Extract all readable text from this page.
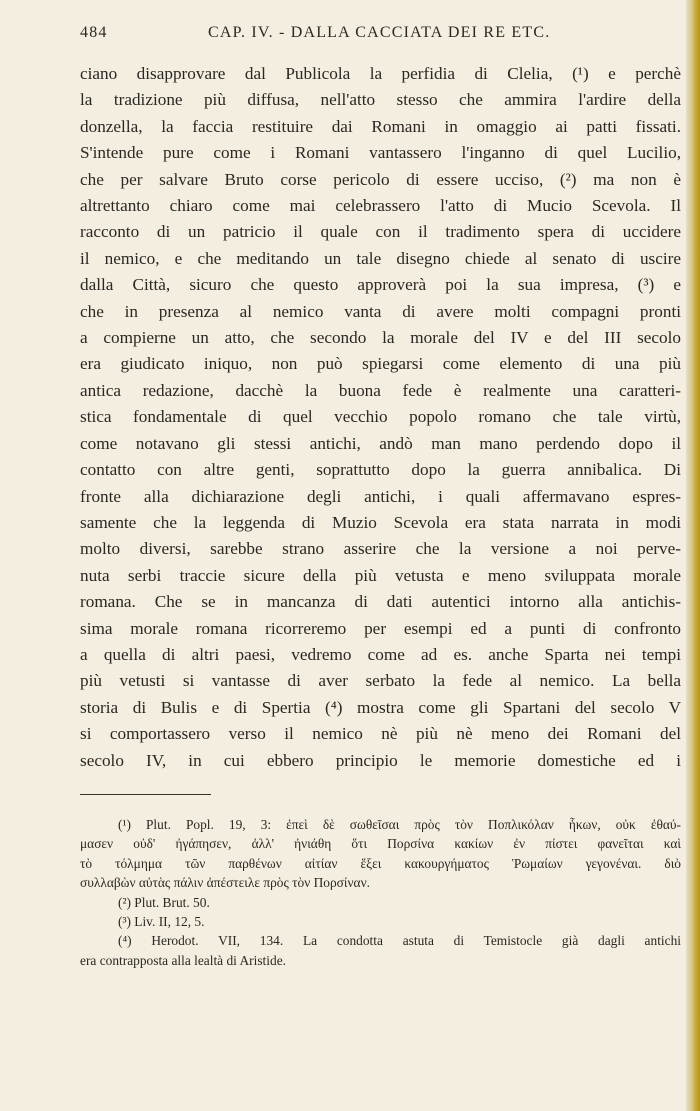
484	CAP. IV. - DALLA CACCIATA DEI RE ETC.
ciano disapprovare dal Publicola la perfidia di Clelia, (¹) e perchè
la tradizione più diffusa, nell'atto stesso che ammira l'ardire della
donzella, la faccia restituire dai Romani in omaggio ai patti fissati.
S'intende pure come i Romani vantassero l'inganno di quel Lucilio,
che per salvare Bruto corse pericolo di essere ucciso, (²) ma non è
altrettanto chiaro come mai celebrassero l'atto di Mucio Scevola. Il
racconto di un patricio il quale con il tradimento spera di uccidere
il nemico, e che meditando un tale disegno chiede al senato di uscire
dalla Città, sicuro che questo approverà poi la sua impresa, (³) e
che in presenza al nemico vanta di avere molti compagni pronti
a compierne un atto, che secondo la morale del IV e del III secolo
era giudicato iniquo, non può spiegarsi come elemento di una più
antica redazione, dacchè la buona fede è realmente una caratteri-
stica fondamentale di quel vecchio popolo romano che tale virtù,
come notavano gli stessi antichi, andò man mano perdendo dopo il
contatto con altre genti, soprattutto dopo la guerra annibalica. Di
fronte alla dichiarazione degli antichi, i quali affermavano espres-
samente che la leggenda di Muzio Scevola era stata narrata in modi
molto diversi, sarebbe strano asserire che la versione a noi perve-
nuta serbi traccie sicure della più vetusta e meno sviluppata morale
romana. Che se in mancanza di dati autentici intorno alla antichis-
sima morale romana ricorreremo per esempi ed a punti di confronto
a quella di altri paesi, vedremo come ad es. anche Sparta nei tempi
più vetusti si vantasse di aver serbato la fede al nemico. La bella
storia di Bulis e di Spertia (⁴) mostra come gli Spartani del secolo V
si comportassero verso il nemico nè più nè meno dei Romani del
secolo IV, in cui ebbero principio le memorie domestiche ed i
(¹) Plut. Popl. 19, 3: ἐπεὶ δὲ σωθεῖσαι πρὸς τὸν Ποπλικόλαν ἧκων, οὐκ ἐθαύ-
μασεν οὐδ' ἠγάπησεν, ἀλλ' ἠνιάθη ὅτι Πορσίνα κακίων ἐν πίστει φανεῖται καὶ
τὸ τόλμημα τῶν παρθένων αἰτίαν ἕξει κακουργήματος Ῥωμαίων γεγονέναι. διὸ
συλλαβὼν αὐτὰς πάλιν ἀπέστειλε πρὸς τὸν Πορσίναν.
(²) Plut. Brut. 50.
(³) Liv. II, 12, 5.
(⁴) Herodot. VII, 134. La condotta astuta di Temistocle già dagli antichi
era contrapposta alla lealtà di Aristide.
